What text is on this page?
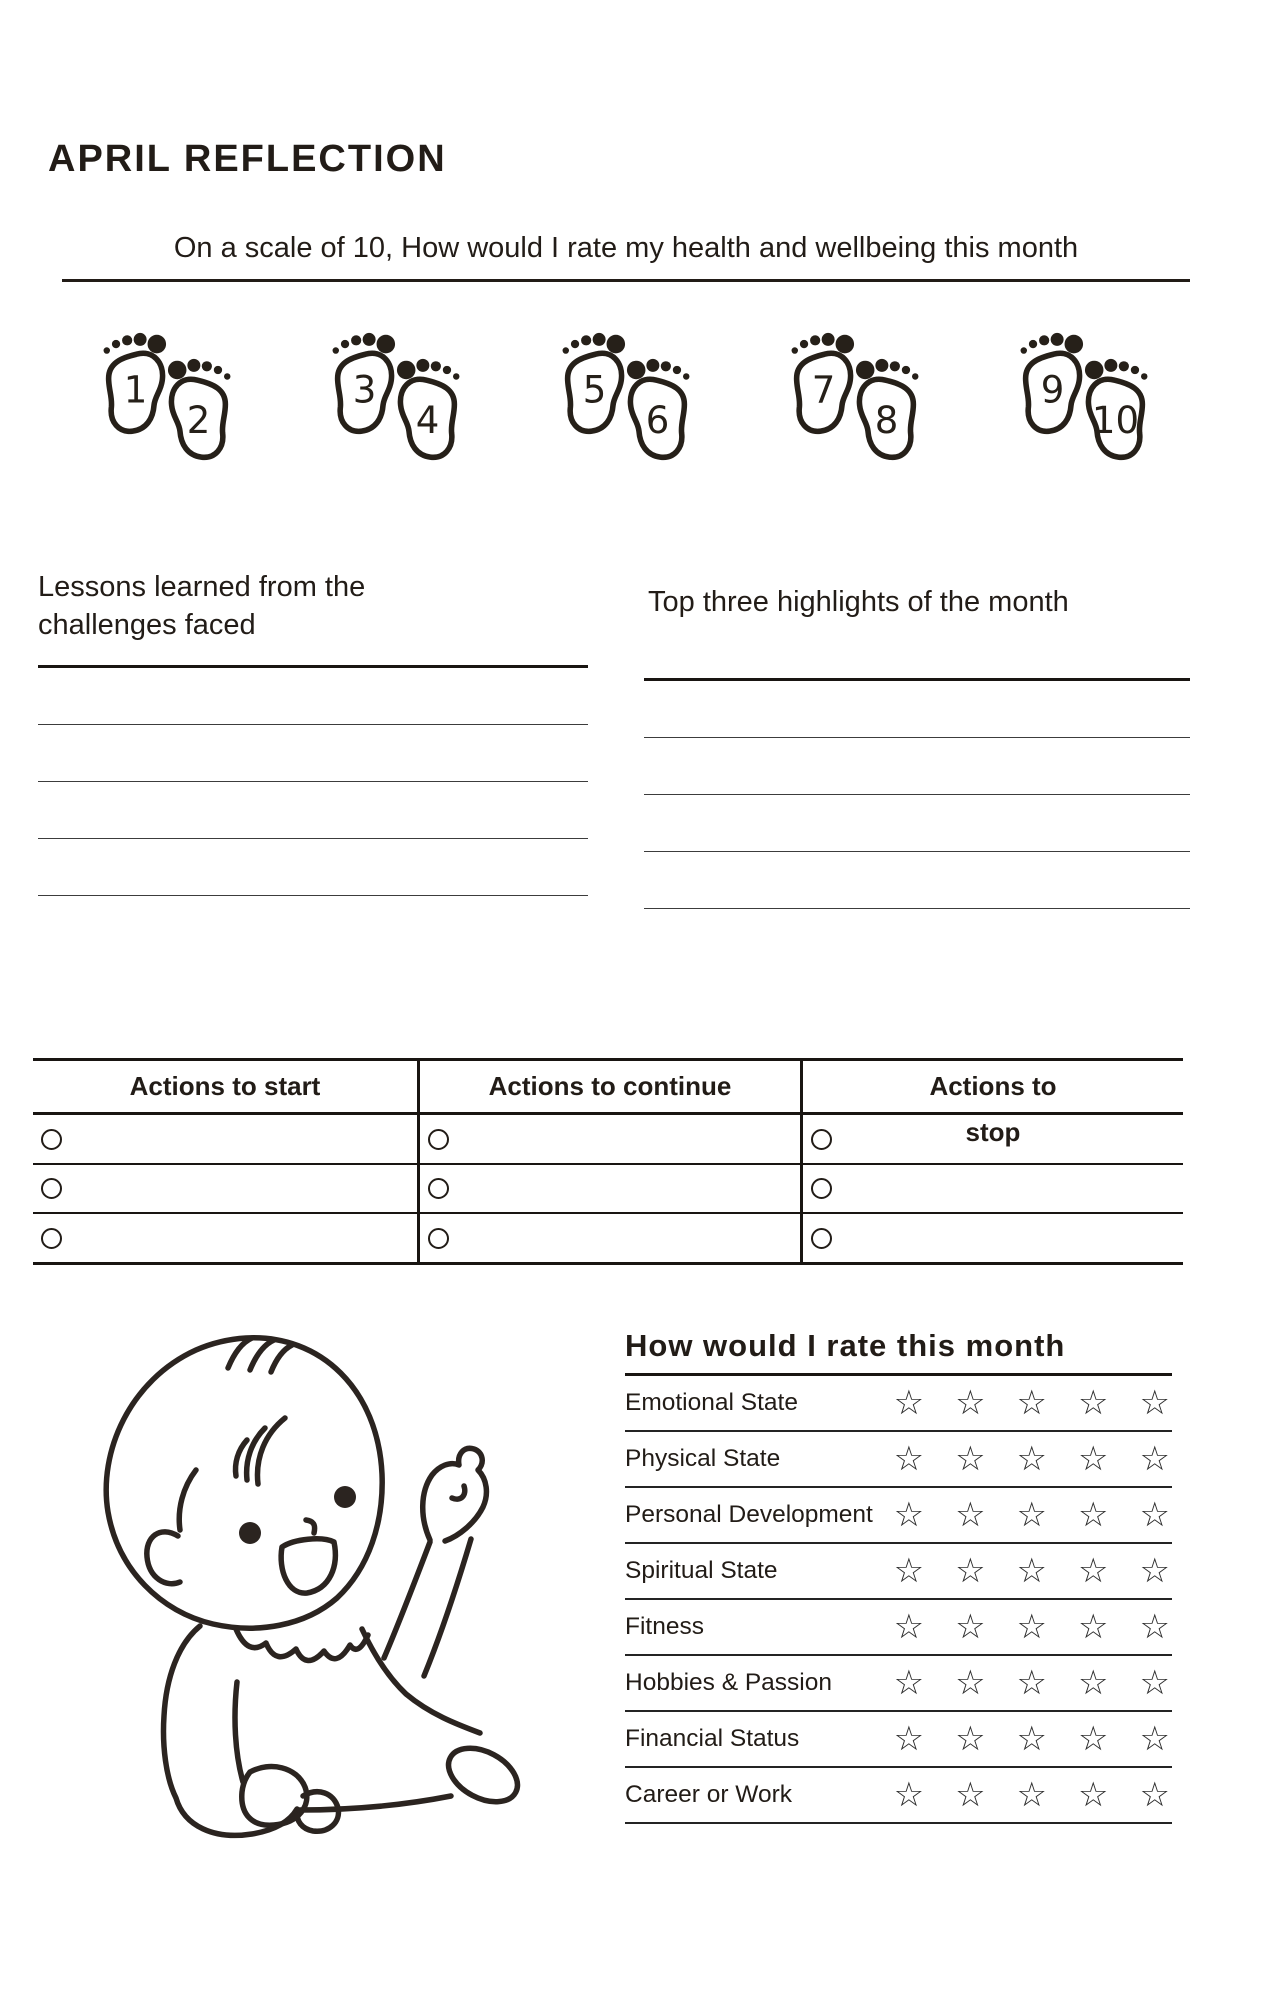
APRIL REFLECTION
On a scale of 10, How would I rate my health and wellbeing this month
1
2
3
4
5
6
7
8
9
10
Lessons learned from the challenges faced
Top three highlights of the month
Actions to start	Actions to continue	Actions to
stop
How would I rate this month
Emotional State	☆ ☆ ☆ ☆ ☆
Physical State	☆ ☆ ☆ ☆ ☆
Personal Development ☆ ☆ ☆ ☆ ☆
Spiritual State	☆ ☆ ☆ ☆ ☆
Fitness	☆ ☆ ☆ ☆ ☆
Hobbies & Passion ☆ ☆ ☆ ☆ ☆
Financial Status	☆ ☆ ☆ ☆ ☆
Career or Work	☆ ☆ ☆ ☆ ☆
